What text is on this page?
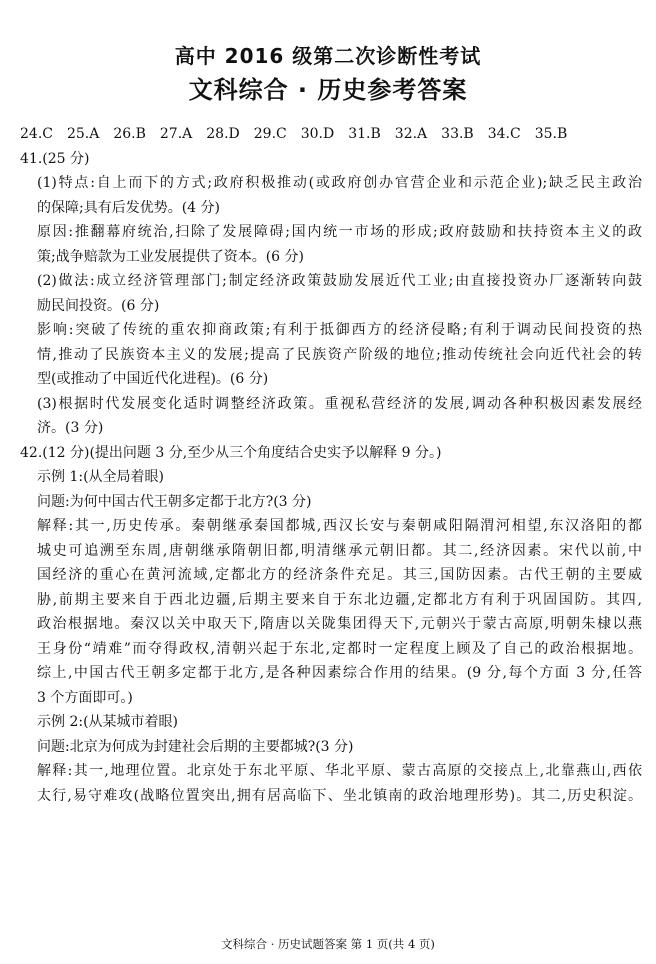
高中 2016 级第二次诊断性考试
文科综合 · 历史参考答案
24.C　25.A　26.B　27.A　28.D　29.C　30.D　31.B　32.A　33.B　34.C　35.B
41.(25 分)
(1)特点:自上而下的方式;政府积极推动(或政府创办官营企业和示范企业);缺乏民主政治
的保障;具有后发优势。(4 分)
原因:推翻幕府统治,扫除了发展障碍;国内统一市场的形成;政府鼓励和扶持资本主义的政
策;战争赔款为工业发展提供了资本。(6 分)
(2)做法:成立经济管理部门;制定经济政策鼓励发展近代工业;由直接投资办厂逐渐转向鼓
励民间投资。(6 分)
影响:突破了传统的重农抑商政策;有利于抵御西方的经济侵略;有利于调动民间投资的热
情,推动了民族资本主义的发展;提高了民族资产阶级的地位;推动传统社会向近代社会的转
型(或推动了中国近代化进程)。(6 分)
(3)根据时代发展变化适时调整经济政策。重视私营经济的发展,调动各种积极因素发展经
济。(3 分)
42.(12 分)(提出问题 3 分,至少从三个角度结合史实予以解释 9 分。)
示例 1:(从全局着眼)
问题:为何中国古代王朝多定都于北方?(3 分)
解释:其一,历史传承。秦朝继承秦国都城,西汉长安与秦朝咸阳隔渭河相望,东汉洛阳的都
城史可追溯至东周,唐朝继承隋朝旧都,明清继承元朝旧都。其二,经济因素。宋代以前,中
国经济的重心在黄河流域,定都北方的经济条件充足。其三,国防因素。古代王朝的主要威
胁,前期主要来自于西北边疆,后期主要来自于东北边疆,定都北方有利于巩固国防。其四,
政治根据地。秦汉以关中取天下,隋唐以关陇集团得天下,元朝兴于蒙古高原,明朝朱棣以燕
王身份“靖难”而夺得政权,清朝兴起于东北,定都时一定程度上顾及了自己的政治根据地。
综上,中国古代王朝多定都于北方,是各种因素综合作用的结果。(9 分,每个方面 3 分,任答
3 个方面即可。)
示例 2:(从某城市着眼)
问题:北京为何成为封建社会后期的主要都城?(3 分)
解释:其一,地理位置。北京处于东北平原、华北平原、蒙古高原的交接点上,北靠燕山,西依
太行,易守难攻(战略位置突出,拥有居高临下、坐北镇南的政治地理形势)。其二,历史积淀。
文科综合 · 历史试题答案 第 1 页(共 4 页)
